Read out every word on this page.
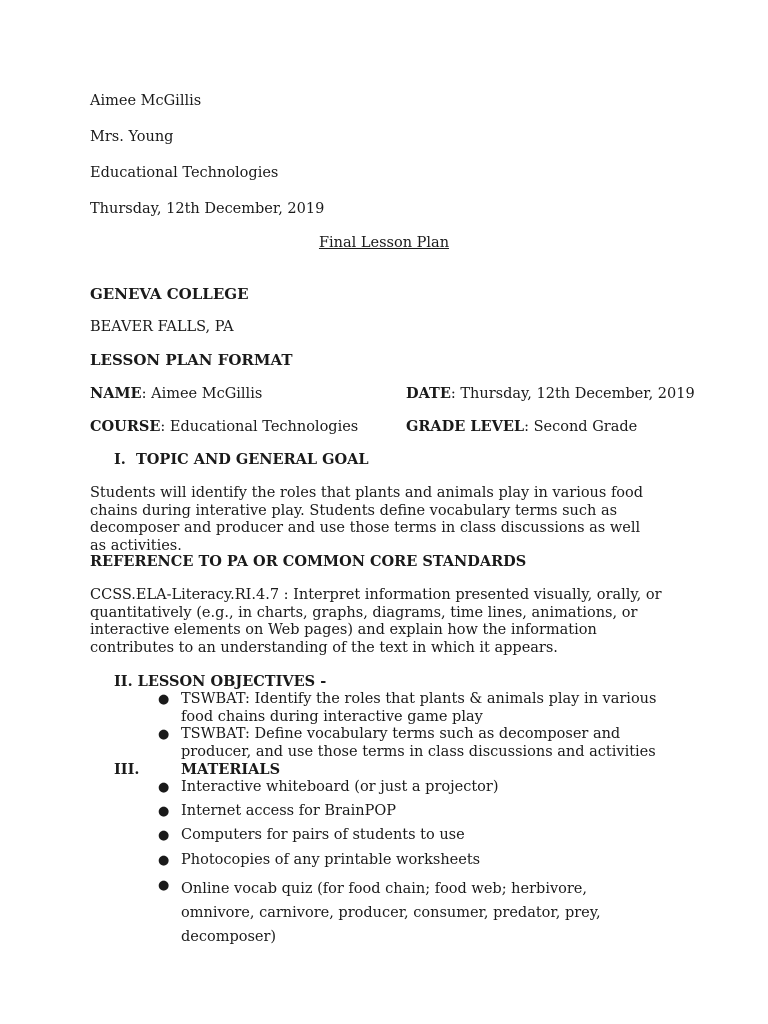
Aimee McGillis
Mrs. Young
Educational Technologies
Thursday, 12th December, 2019
Final Lesson Plan
GENEVA COLLEGE
BEAVER FALLS, PA
LESSON PLAN FORMAT
NAME: Aimee McGillis	DATE: Thursday, 12th December, 2019
COURSE: Educational Technologies	GRADE LEVEL: Second Grade
I. TOPIC AND GENERAL GOAL
Students will identify the roles that plants and animals play in various food chains during interative play. Students define vocabulary terms such as decomposer and producer and use those terms in class discussions as well as activities.
REFERENCE TO PA OR COMMON CORE STANDARDS
CCSS.ELA-Literacy.RI.4.7 : Interpret information presented visually, orally, or quantitatively (e.g., in charts, graphs, diagrams, time lines, animations, or interactive elements on Web pages) and explain how the information contributes to an understanding of the text in which it appears.
II. LESSON OBJECTIVES -
● TSWBAT: Identify the roles that plants & animals play in various food chains during interactive game play
● TSWBAT: Define vocabulary terms such as decomposer and producer, and use those terms in class discussions and activities
III.	MATERIALS
● Interactive whiteboard (or just a projector)
● Internet access for BrainPOP
● Computers for pairs of students to use
● Photocopies of any printable worksheets
● Online vocab quiz (for food chain; food web; herbivore, omnivore, carnivore, producer, consumer, predator, prey, decomposer)
